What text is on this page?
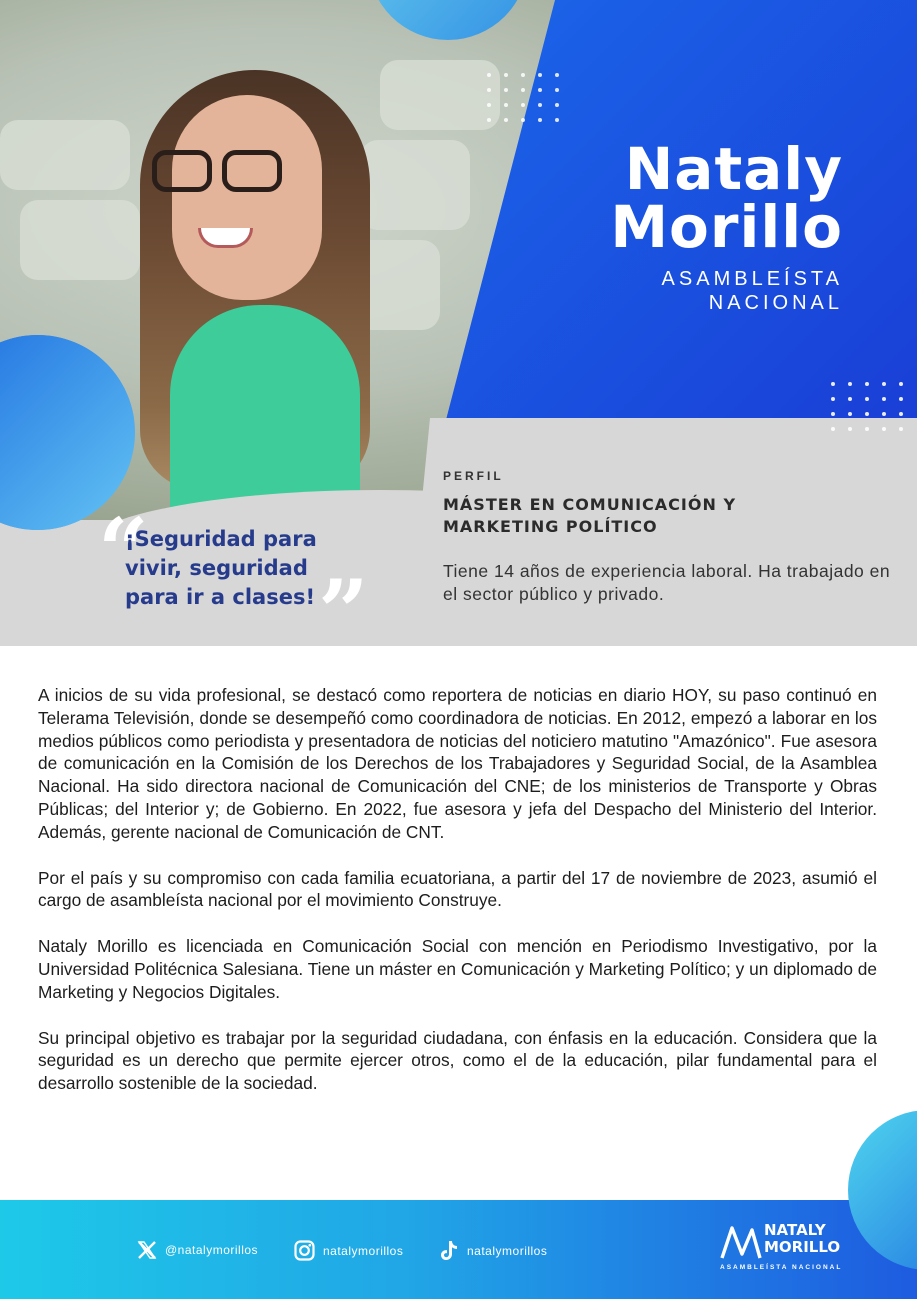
Nataly
Morillo
ASAMBLEÍSTA
NACIONAL
“
¡Seguridad para vivir, seguridad para ir a clases! ”
PERFIL
MÁSTER EN COMUNICACIÓN Y
MARKETING POLÍTICO
Tiene 14 años de experiencia laboral. Ha trabajado en el sector público y privado.

A inicios de su vida profesional, se destacó como reportera de noticias en diario HOY, su paso continuó en Telerama Televisión, donde se desempeñó como coordinadora de noticias. En 2012, empezó a laborar en los medios públicos como periodista y presentadora de noticias del noticiero matutino "Amazónico". Fue asesora de comunicación en la Comisión de los Derechos de los Trabajadores y Seguridad Social, de la Asamblea Nacional. Ha sido directora nacional de Comunicación del CNE; de los ministerios de Transporte y Obras Públicas; del Interior y; de Gobierno. En 2022, fue asesora y jefa del Despacho del Ministerio del Interior. Además, gerente nacional de Comunicación de CNT.

Por el país y su compromiso con cada familia ecuatoriana, a partir del 17 de noviembre de 2023, asumió el cargo de asambleísta nacional por el movimiento Construye.

Nataly Morillo es licenciada en Comunicación Social con mención en Periodismo Investigativo, por la Universidad Politécnica Salesiana. Tiene un máster en Comunicación y Marketing Político; y un diplomado de Marketing y Negocios Digitales.

Su principal objetivo es trabajar por la seguridad ciudadana, con énfasis en la educación. Considera que la seguridad es un derecho que permite ejercer otros, como el de la educación, pilar fundamental para el desarrollo sostenible de la sociedad.

@natalymorillos	natalymorillos	natalymorillos
NATALY
MORILLO
ASAMBLEÍSTA NACIONAL
